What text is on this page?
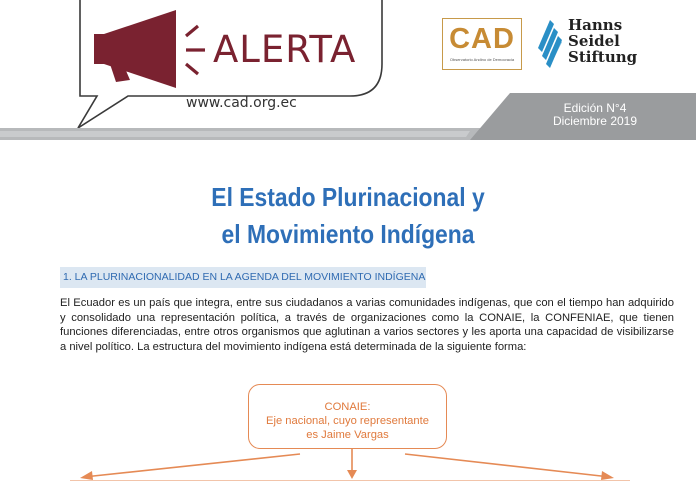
ALERTA
www.cad.org.ec
CAD
Observatorio Andino de Democracia
Hanns
Seidel
Stiftung
Edición N°4
Diciembre 2019
El Estado Plurinacional y
el Movimiento Indígena
1. LA PLURINACIONALIDAD EN LA AGENDA DEL MOVIMIENTO INDÍGENA
El Ecuador es un país que integra, entre sus ciudadanos a varias comunidades indígenas, que con el tiempo han adquirido y consolidado una representación política, a través de organizaciones como la CONAIE, la CONFENIAE, que tienen funciones diferenciadas, entre otros organismos que aglutinan a varios sectores y les aporta una capacidad de visibilizarse a nivel político. La estructura del movimiento indígena está determinada de la siguiente forma:
CONAIE:
Eje nacional, cuyo representante
es Jaime Vargas
